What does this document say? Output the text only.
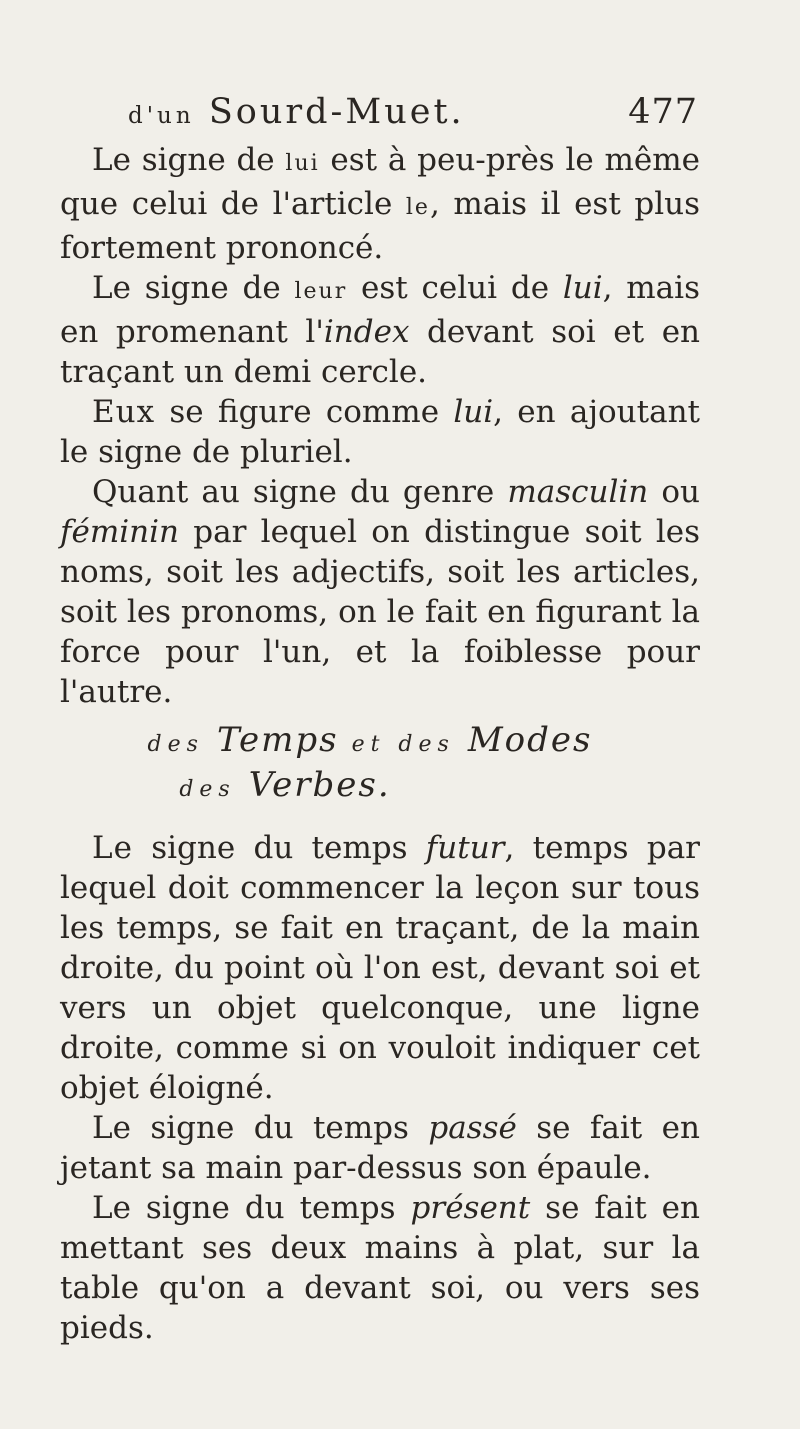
d'un Sourd-Muet.	477

Le signe de lui est à peu-près le même que celui de l'article le, mais il est plus fortement prononcé.

Le signe de leur est celui de lui, mais en promenant l'index devant soi et en traçant un demi cercle.

Eux se figure comme lui, en ajoutant le signe de pluriel.

Quant au signe du genre masculin ou féminin par lequel on distingue soit les noms, soit les adjectifs, soit les articles, soit les pronoms, on le fait en figurant la force pour l'un, et la foiblesse pour l'autre.

des Temps et des Modes
des Verbes.

Le signe du temps futur, temps par lequel doit commencer la leçon sur tous les temps, se fait en traçant, de la main droite, du point où l'on est, devant soi et vers un objet quelconque, une ligne droite, comme si on vouloit indiquer cet objet éloigné.

Le signe du temps passé se fait en jetant sa main par-dessus son épaule.

Le signe du temps présent se fait en mettant ses deux mains à plat, sur la table qu'on a devant soi, ou vers ses pieds.
